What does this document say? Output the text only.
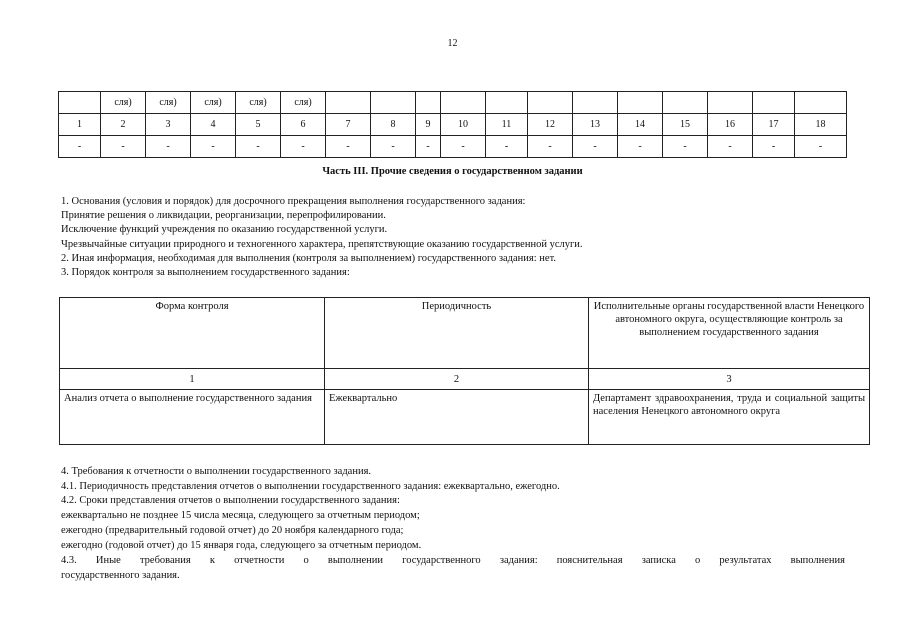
12
	сля)	сля)	сля)	сля)	сля)												
1	2	3	4	5	6	7	8	9	10	11	12	13	14	15	16	17	18
-	-	-	-	-	-	-	-	-	-	-	-	-	-	-	-	-	-
Часть III. Прочие сведения о государственном задании
1. Основания (условия и порядок) для досрочного прекращения выполнения государственного задания:
Принятие решения о ликвидации, реорганизации, перепрофилировании.
Исключение функций учреждения по оказанию государственной услуги.
Чрезвычайные ситуации природного и техногенного характера, препятствующие оказанию государственной услуги.
2. Иная информация, необходимая для выполнения (контроля за выполнением) государственного задания: нет.
3. Порядок контроля за выполнением государственного задания:
Форма контроля	Периодичность	Исполнительные органы государственной власти Ненецкого автономного округа, осуществляющие контроль за выполнением государственного задания
1	2	3
Анализ отчета о выполнение государственного задания	Ежеквартально	Департамент здравоохранения, труда и социальной защиты населения Ненецкого автономного округа
4. Требования к отчетности о выполнении государственного задания.
4.1. Периодичность представления отчетов о выполнении государственного задания: ежеквартально, ежегодно.
4.2. Сроки представления отчетов о выполнении государственного задания:
ежеквартально не позднее 15 числа месяца, следующего за отчетным периодом;
ежегодно (предварительный годовой отчет) до 20 ноября календарного года;
ежегодно (годовой отчет) до 15 января года, следующего за отчетным периодом.
4.3. Иные требования к отчетности о выполнении государственного задания: пояснительная записка о результатах выполнения
государственного задания.
